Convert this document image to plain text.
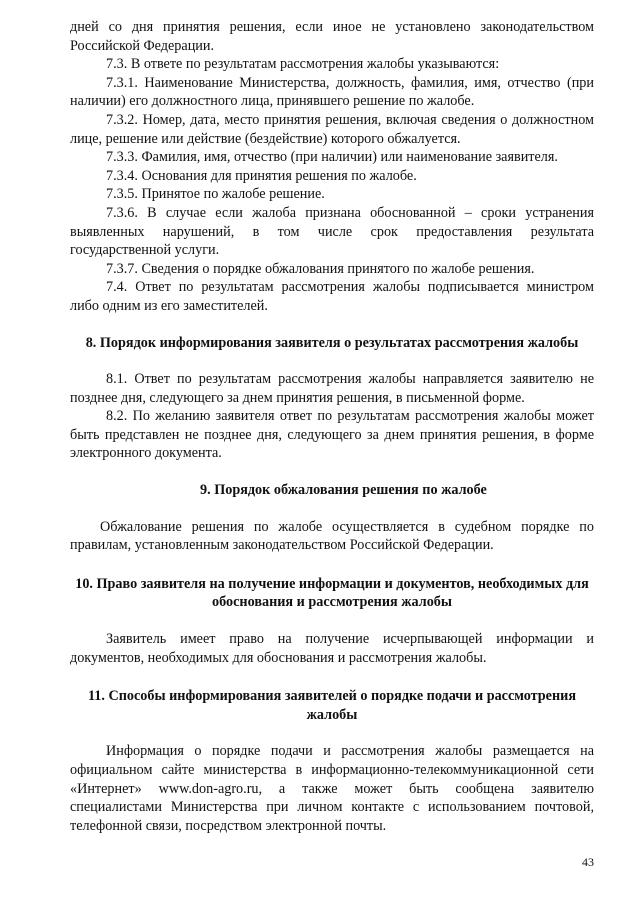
дней со дня принятия решения, если иное не установлено законодательством Российской Федерации.

7.3. В ответе по результатам рассмотрения жалобы указываются:

7.3.1. Наименование Министерства, должность, фамилия, имя, отчество (при наличии) его должностного лица, принявшего решение по жалобе.

7.3.2. Номер, дата, место принятия решения, включая сведения о должностном лице, решение или действие (бездействие) которого обжалуется.

7.3.3. Фамилия, имя, отчество (при наличии) или наименование заявителя.

7.3.4. Основания для принятия решения по жалобе.

7.3.5. Принятое по жалобе решение.

7.3.6. В случае если жалоба признана обоснованной – сроки устранения выявленных нарушений, в том числе срок предоставления результата государственной услуги.

7.3.7. Сведения о порядке обжалования принятого по жалобе решения.

7.4. Ответ по результатам рассмотрения жалобы подписывается министром либо одним из его заместителей.

8. Порядок информирования заявителя о результатах рассмотрения жалобы

8.1. Ответ по результатам рассмотрения жалобы направляется заявителю не позднее дня, следующего за днем принятия решения, в письменной форме.

8.2. По желанию заявителя ответ по результатам рассмотрения жалобы может быть представлен не позднее дня, следующего за днем принятия решения, в форме электронного документа.

9. Порядок обжалования решения по жалобе

Обжалование решения по жалобе осуществляется в судебном порядке по правилам, установленным законодательством Российской Федерации.

10. Право заявителя на получение информации и документов, необходимых для обоснования и рассмотрения жалобы

Заявитель имеет право на получение исчерпывающей информации и документов, необходимых для обоснования и рассмотрения жалобы.

11. Способы информирования заявителей о порядке подачи и рассмотрения жалобы

Информация о порядке подачи и рассмотрения жалобы размещается на официальном сайте министерства в информационно-телекоммуникационной сети «Интернет» www.don-agro.ru, а также может быть сообщена заявителю специалистами Министерства при личном контакте с использованием почтовой, телефонной связи, посредством электронной почты.

43
